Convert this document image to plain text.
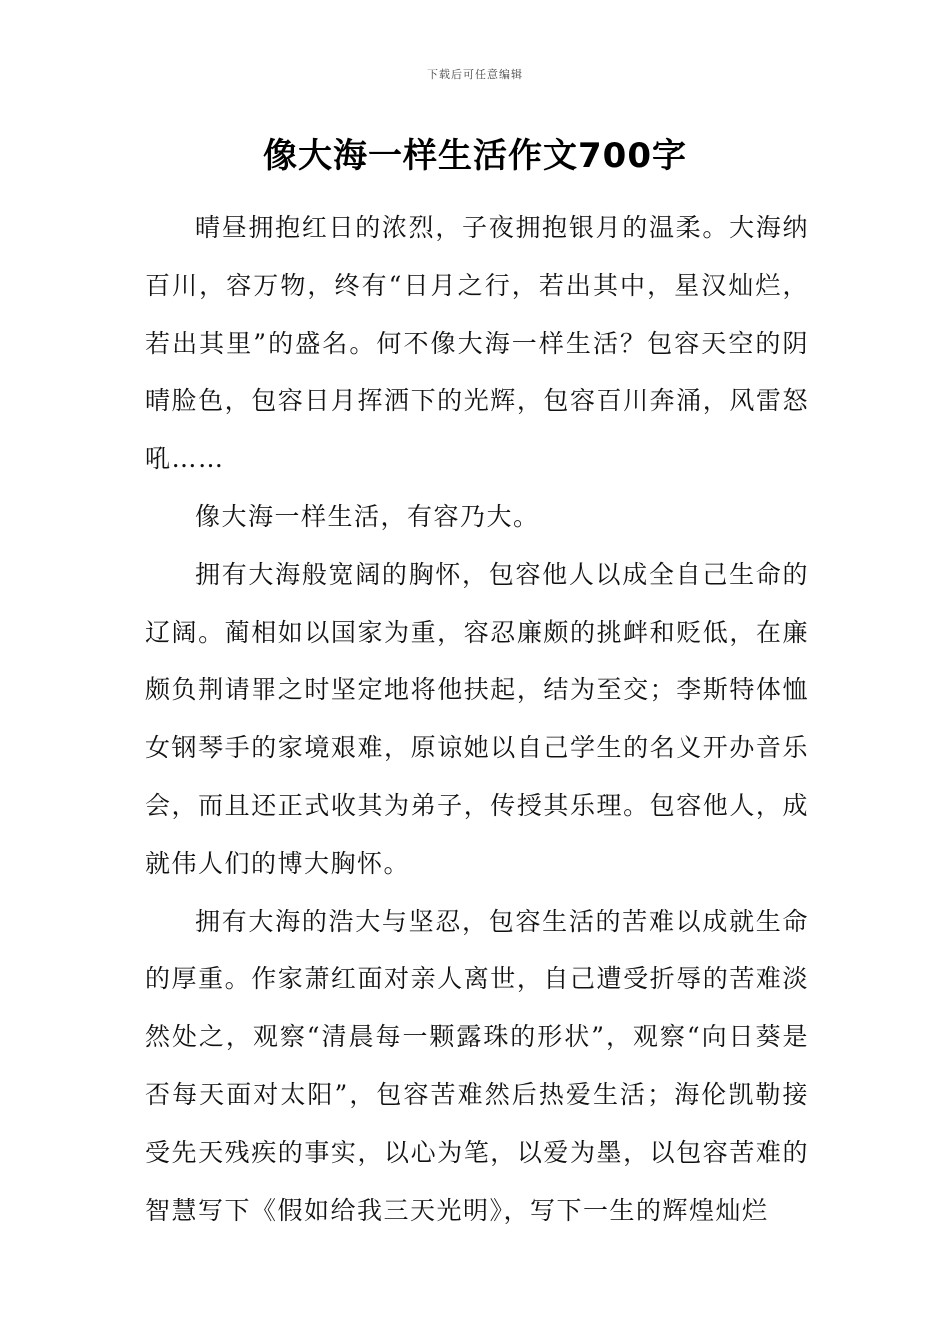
下载后可任意编辑
像大海一样生活作文700字

晴昼拥抱红日的浓烈，子夜拥抱银月的温柔。大海纳百川，容万物，终有“日月之行，若出其中，星汉灿烂，若出其里”的盛名。何不像大海一样生活？包容天空的阴晴脸色，包容日月挥洒下的光辉，包容百川奔涌，风雷怒吼……

像大海一样生活，有容乃大。

拥有大海般宽阔的胸怀，包容他人以成全自己生命的辽阔。蔺相如以国家为重，容忍廉颇的挑衅和贬低，在廉颇负荆请罪之时坚定地将他扶起，结为至交；李斯特体恤女钢琴手的家境艰难，原谅她以自己学生的名义开办音乐会，而且还正式收其为弟子，传授其乐理。包容他人，成就伟人们的博大胸怀。

拥有大海的浩大与坚忍，包容生活的苦难以成就生命的厚重。作家萧红面对亲人离世，自己遭受折辱的苦难淡然处之，观察“清晨每一颗露珠的形状”，观察“向日葵是否每天面对太阳”，包容苦难然后热爱生活；海伦凯勒接受先天残疾的事实，以心为笔，以爱为墨，以包容苦难的智慧写下《假如给我三天光明》，写下一生的辉煌灿烂
